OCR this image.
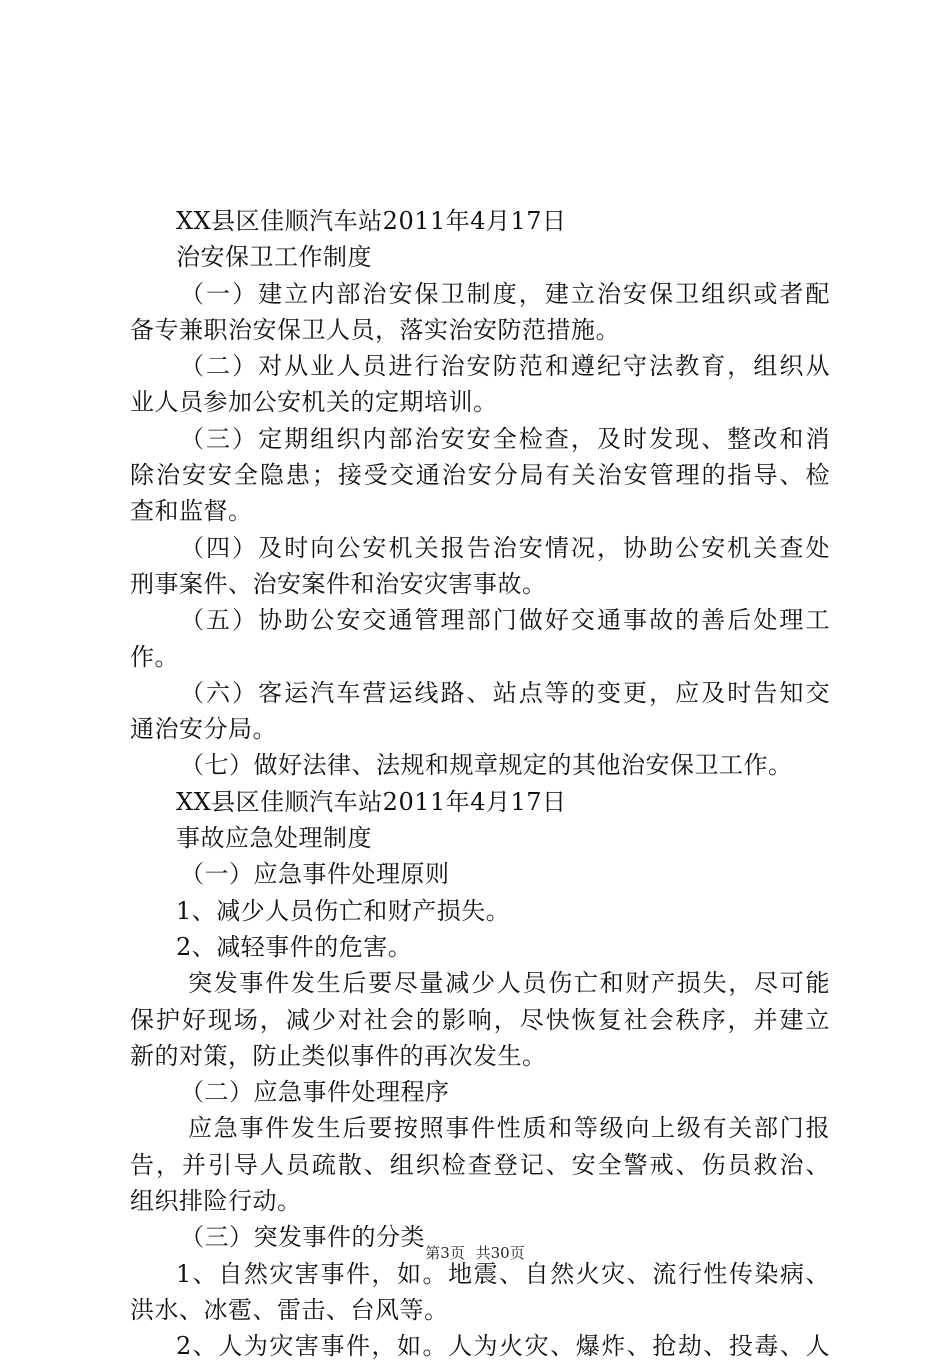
XX县区佳顺汽车站2011年4月17日
治安保卫工作制度
（一）建立内部治安保卫制度，建立治安保卫组织或者配
备专兼职治安保卫人员，落实治安防范措施。
（二）对从业人员进行治安防范和遵纪守法教育，组织从
业人员参加公安机关的定期培训。
（三）定期组织内部治安安全检查，及时发现、整改和消
除治安安全隐患；接受交通治安分局有关治安管理的指导、检
查和监督。
（四）及时向公安机关报告治安情况，协助公安机关查处
刑事案件、治安案件和治安灾害事故。
（五）协助公安交通管理部门做好交通事故的善后处理工
作。
（六）客运汽车营运线路、站点等的变更，应及时告知交
通治安分局。
（七）做好法律、法规和规章规定的其他治安保卫工作。
XX县区佳顺汽车站2011年4月17日
事故应急处理制度
（一）应急事件处理原则
1、减少人员伤亡和财产损失。
2、减轻事件的危害。
突发事件发生后要尽量减少人员伤亡和财产损失，尽可能
保护好现场，减少对社会的影响，尽快恢复社会秩序，并建立
新的对策，防止类似事件的再次发生。
（二）应急事件处理程序
应急事件发生后要按照事件性质和等级向上级有关部门报
告，并引导人员疏散、组织检查登记、安全警戒、伤员救治、
组织排险行动。
（三）突发事件的分类
1、自然灾害事件，如。地震、自然火灾、流行性传染病、
洪水、冰雹、雷击、台风等。
2、人为灾害事件，如。人为火灾、爆炸、抢劫、投毒、人
第3页 共30页
